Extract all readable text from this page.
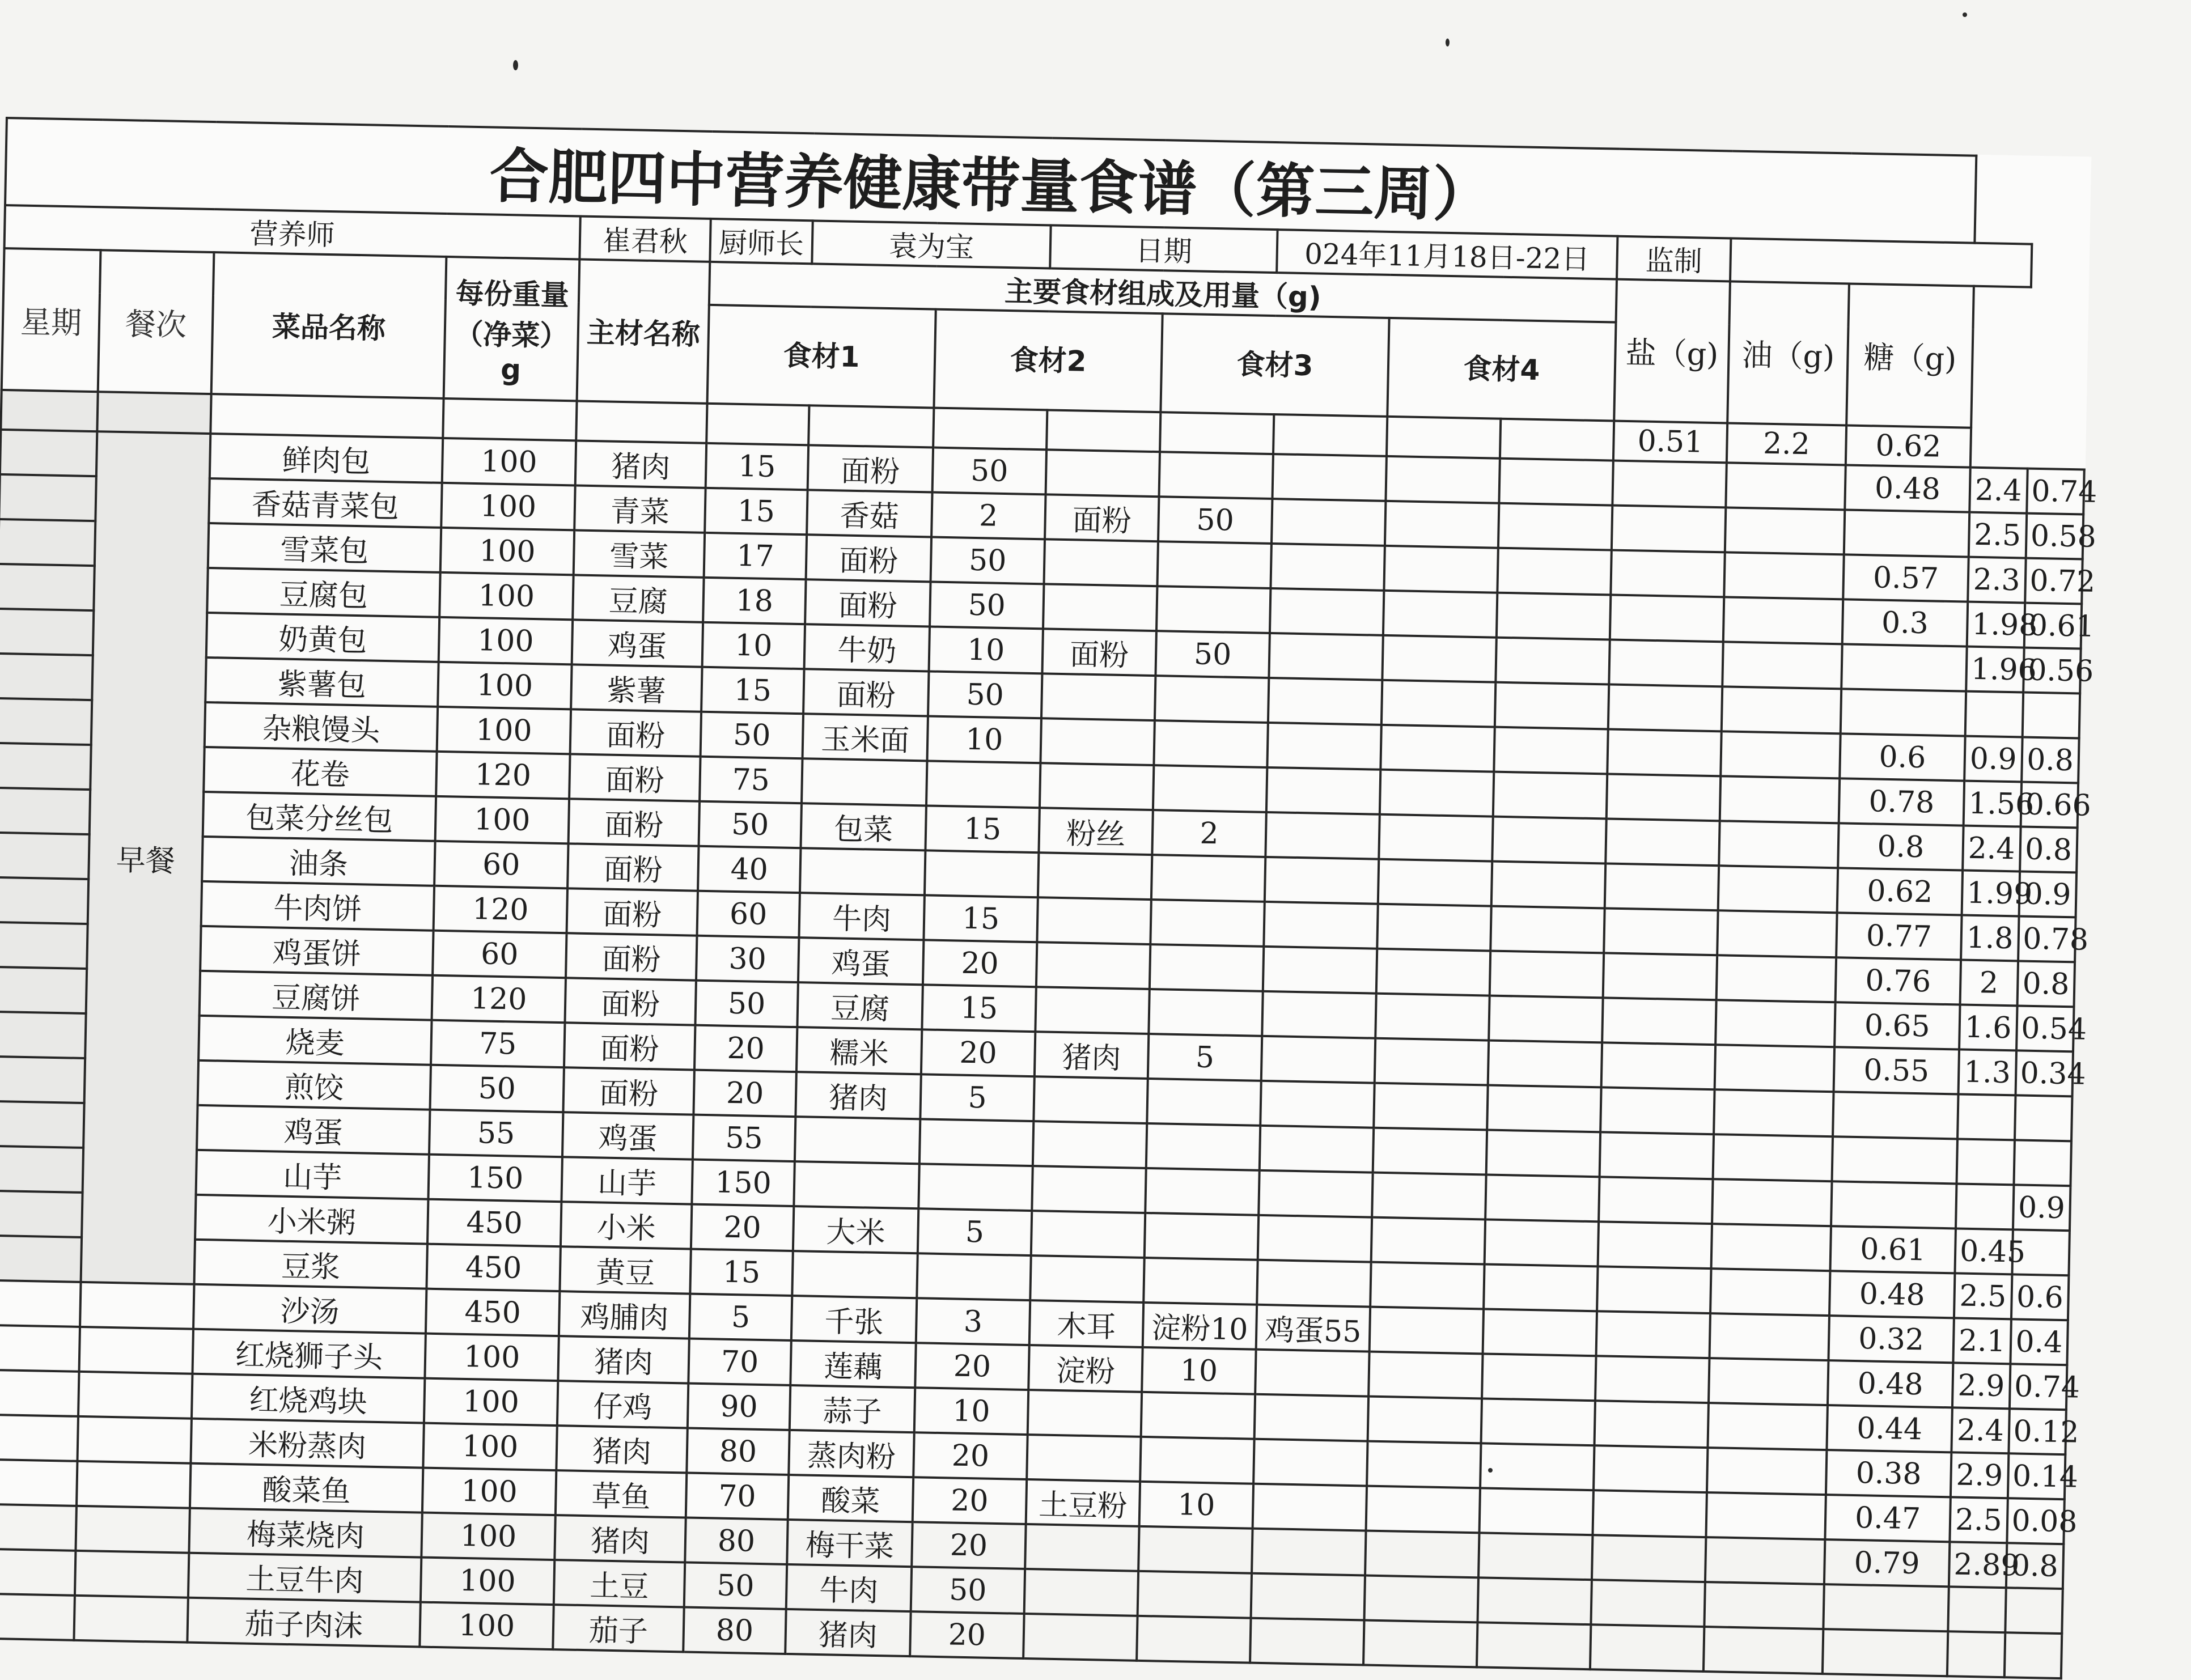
合肥四中营养健康带量食谱（第三周）																	
营养师				崔君秋	厨师长	袁为宝		日期		024年11月18日-22日			监制				
星期	餐次	菜品名称	每份重量（净菜）g	主材名称	主要食材组成及用量（g)								盐（g)	油（g)	糖（g)		
					食材1		食材2		食材3		食材4						
													0.51	2.2	0.62		
	早餐	鲜肉包	100	猪肉	15	面粉	50								0.48	2.4	0.74
		香菇青菜包	100	青菜	15	香菇	2	面粉	50							2.5	0.58
		雪菜包	100	雪菜	17	面粉	50								0.57	2.3	0.72
		豆腐包	100	豆腐	18	面粉	50								0.3	1.98	0.61
		奶黄包	100	鸡蛋	10	牛奶	10	面粉	50							1.96	0.56
		紫薯包	100	紫薯	15	面粉	50										
		杂粮馒头	100	面粉	50	玉米面	10								0.6	0.9	0.8
		花卷	120	面粉	75										0.78	1.56	0.66
		包菜分丝包	100	面粉	50	包菜	15	粉丝	2						0.8	2.4	0.8
		油条	60	面粉	40										0.62	1.99	0.9
		牛肉饼	120	面粉	60	牛肉	15								0.77	1.8	0.78
		鸡蛋饼	60	面粉	30	鸡蛋	20								0.76	2	0.8
		豆腐饼	120	面粉	50	豆腐	15								0.65	1.6	0.54
		烧麦	75	面粉	20	糯米	20	猪肉	5						0.55	1.3	0.34
		煎饺	50	面粉	20	猪肉	5										
		鸡蛋	55	鸡蛋	55												
		山芋	150	山芋	150												0.9
		小米粥	450	小米	20	大米	5								0.61	0.45	
		豆浆	450	黄豆	15										0.48	2.5	0.6
		沙汤	450	鸡脯肉	5	千张	3	木耳	淀粉10	鸡蛋55					0.32	2.1	0.4
		红烧狮子头	100	猪肉	70	莲藕	20	淀粉	10						0.48	2.9	0.74
		红烧鸡块	100	仔鸡	90	蒜子	10								0.44	2.4	0.12
		米粉蒸肉	100	猪肉	80	蒸肉粉	20								0.38	2.9	0.14
		酸菜鱼	100	草鱼	70	酸菜	20	土豆粉	10						0.47	2.5	0.08
		梅菜烧肉	100	猪肉	80	梅干菜	20								0.79	2.89	0.8
		土豆牛肉	100	土豆	50	牛肉	50										
		茄子肉沫	100	茄子	80	猪肉	20										
